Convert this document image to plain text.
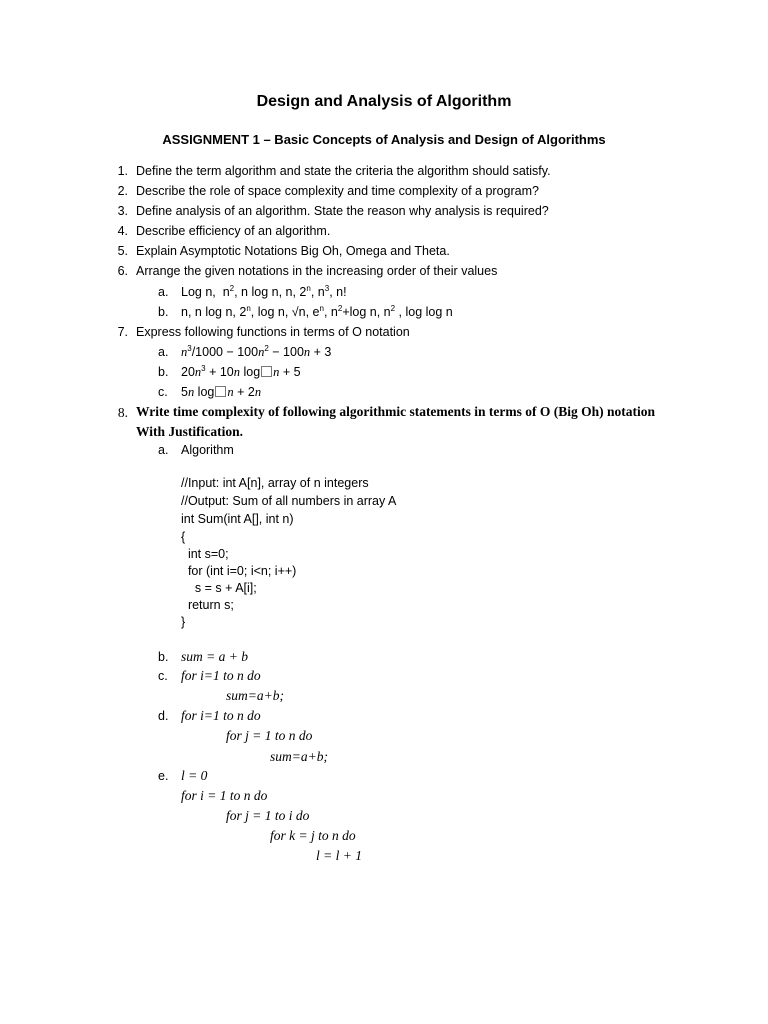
Design and Analysis of Algorithm
ASSIGNMENT 1 – Basic Concepts of Analysis and Design of Algorithms
1. Define the term algorithm and state the criteria the algorithm should satisfy.
2. Describe the role of space complexity and time complexity of a program?
3. Define analysis of an algorithm. State the reason why analysis is required?
4. Describe efficiency of an algorithm.
5. Explain Asymptotic Notations Big Oh, Omega and Theta.
6. Arrange the given notations in the increasing order of their values
a. Log n,  $n^2$, n log n, n, 2$^n$, $n^3$, n!
b. n, n log n, 2$^n$, log n, √n, $e^n$, $n^2+\log$ n, $n^2$ , log log n
7. Express following functions in terms of O notation
a. $n^3/1000 - 100n^2 - 100n + 3$
b. $20n^3 + 10n$ log n + 5
c. 5n log n + 2n
8. Write time complexity of following algorithmic statements in terms of O (Big Oh) notation
With Justification.
a. Algorithm
//Input: int A[n], array of n integers
//Output: Sum of all numbers in array A
int Sum(int A[], int n)
{
int s=0;
for (int i=0; i<n; i++)
s = s + A[i];
return s;
}
b. sum = a + b
c. for i=1 to n do
sum=a+b;
d. for i=1 to n do
for j = 1 to n do
sum=a+b;
e. l = 0
for i = 1 to n do
for j = 1 to i do
for k = j to n do
l = l + 1
